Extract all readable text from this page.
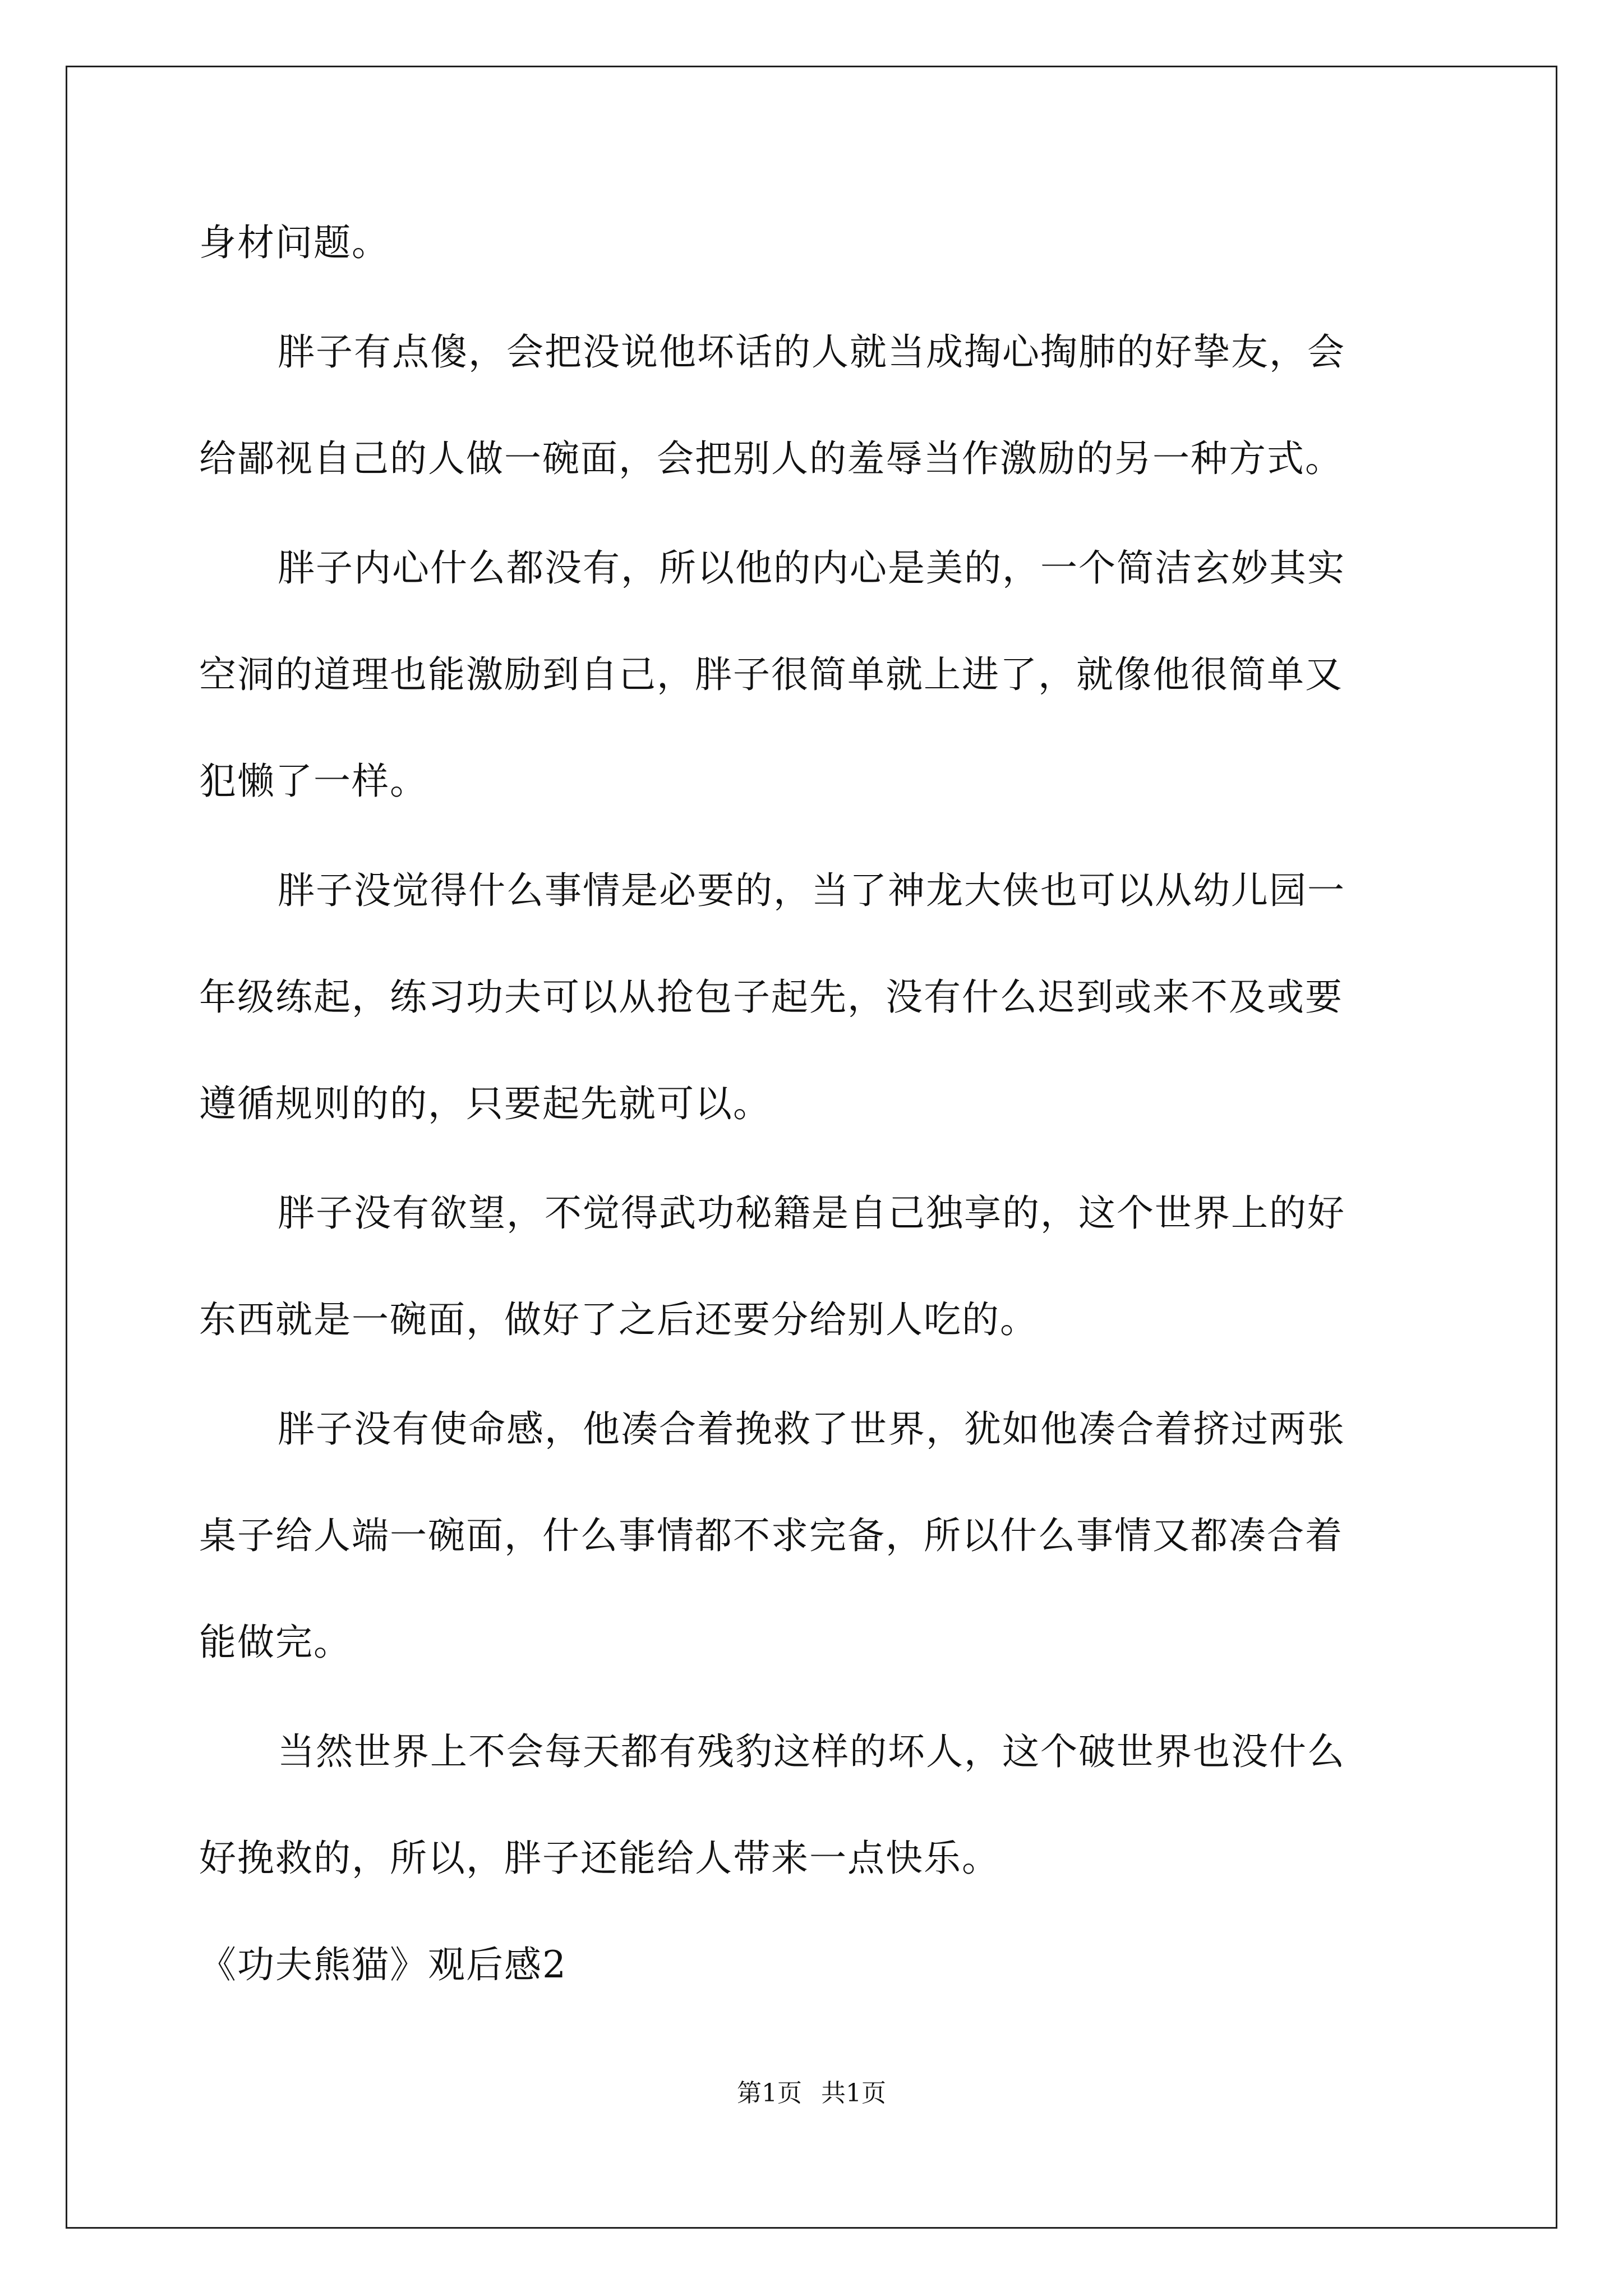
身材问题。
胖子有点傻，会把没说他坏话的人就当成掏心掏肺的好挚友，会
给鄙视自己的人做一碗面，会把别人的羞辱当作激励的另一种方式。
胖子内心什么都没有，所以他的内心是美的，一个简洁玄妙其实
空洞的道理也能激励到自己，胖子很简单就上进了，就像他很简单又
犯懒了一样。
胖子没觉得什么事情是必要的，当了神龙大侠也可以从幼儿园一
年级练起，练习功夫可以从抢包子起先，没有什么迟到或来不及或要
遵循规则的的，只要起先就可以。
胖子没有欲望，不觉得武功秘籍是自己独享的，这个世界上的好
东西就是一碗面，做好了之后还要分给别人吃的。
胖子没有使命感，他凑合着挽救了世界，犹如他凑合着挤过两张
桌子给人端一碗面，什么事情都不求完备，所以什么事情又都凑合着
能做完。
当然世界上不会每天都有残豹这样的坏人，这个破世界也没什么
好挽救的，所以，胖子还能给人带来一点快乐。
《功夫熊猫》观后感2
第1页 共1页
